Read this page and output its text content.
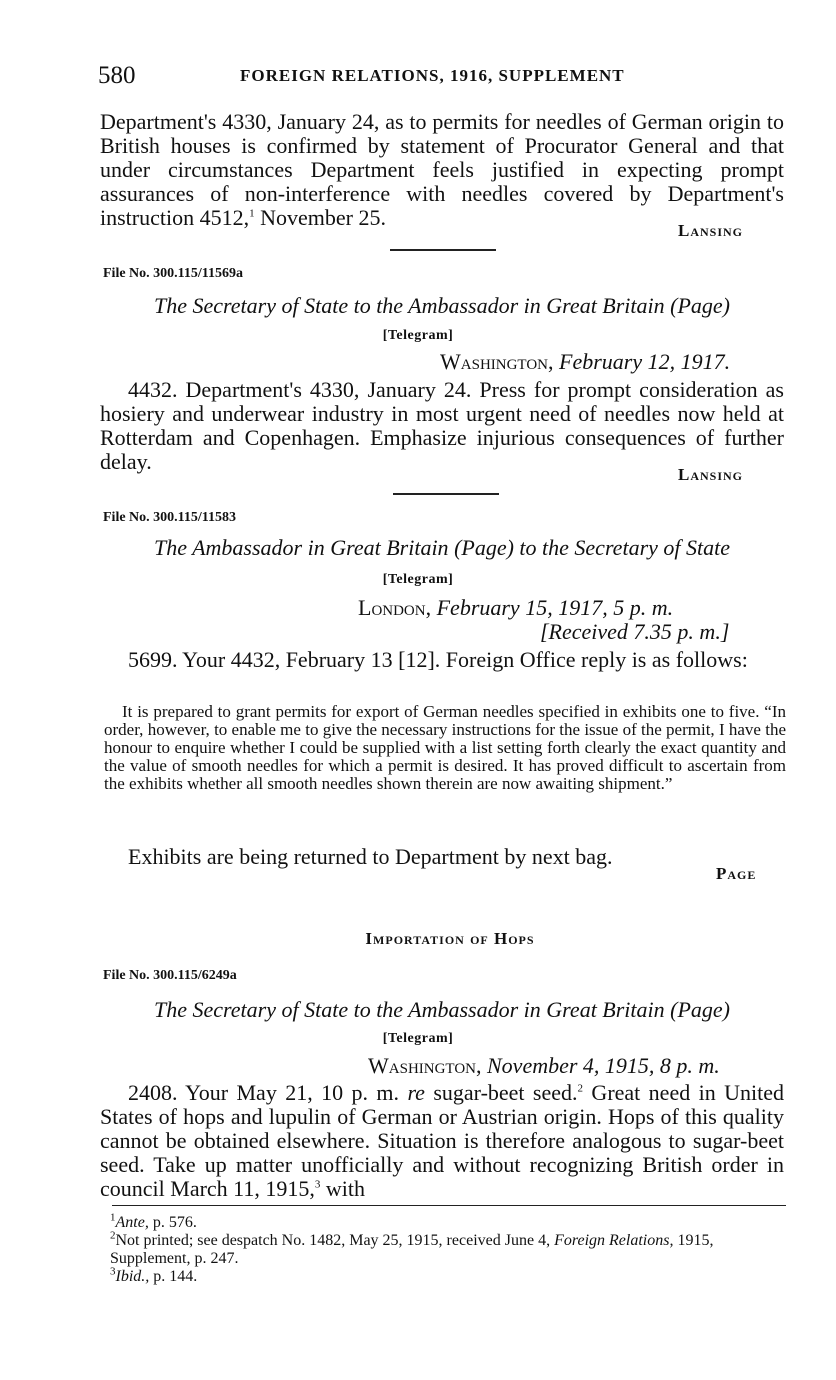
580	FOREIGN RELATIONS, 1916, SUPPLEMENT
Department's 4330, January 24, as to permits for needles of German origin to British houses is confirmed by statement of Procurator General and that under circumstances Department feels justified in expecting prompt assurances of non-interference with needles covered by Department's instruction 4512,$^1$ November 25.
Lansing
File No. 300.115/11569a
The Secretary of State to the Ambassador in Great Britain (Page)
[Telegram]
Washington, February 12, 1917.
4432. Department's 4330, January 24. Press for prompt consideration as hosiery and underwear industry in most urgent need of needles now held at Rotterdam and Copenhagen. Emphasize injurious consequences of further delay.
Lansing
File No. 300.115/11583
The Ambassador in Great Britain (Page) to the Secretary of State
[Telegram]
London, February 15, 1917, 5 p. m.
[Received 7.35 p. m.]
5699. Your 4432, February 13 [12]. Foreign Office reply is as follows:
It is prepared to grant permits for export of German needles specified in exhibits one to five. “In order, however, to enable me to give the necessary instructions for the issue of the permit, I have the honour to enquire whether I could be supplied with a list setting forth clearly the exact quantity and the value of smooth needles for which a permit is desired. It has proved difficult to ascertain from the exhibits whether all smooth needles shown therein are now awaiting shipment.”
Exhibits are being returned to Department by next bag.
Page
Importation of Hops
File No. 300.115/6249a
The Secretary of State to the Ambassador in Great Britain (Page)
[Telegram]
Washington, November 4, 1915, 8 p. m.
2408. Your May 21, 10 p. m. re sugar-beet seed.$^2$ Great need in United States of hops and lupulin of German or Austrian origin. Hops of this quality cannot be obtained elsewhere. Situation is therefore analogous to sugar-beet seed. Take up matter unofficially and without recognizing British order in council March 11, 1915,$^3$ with
$^1$Ante, p. 576.
$^2$Not printed; see despatch No. 1482, May 25, 1915, received June 4, Foreign Relations, 1915, Supplement, p. 247.
$^3$Ibid., p. 144.
